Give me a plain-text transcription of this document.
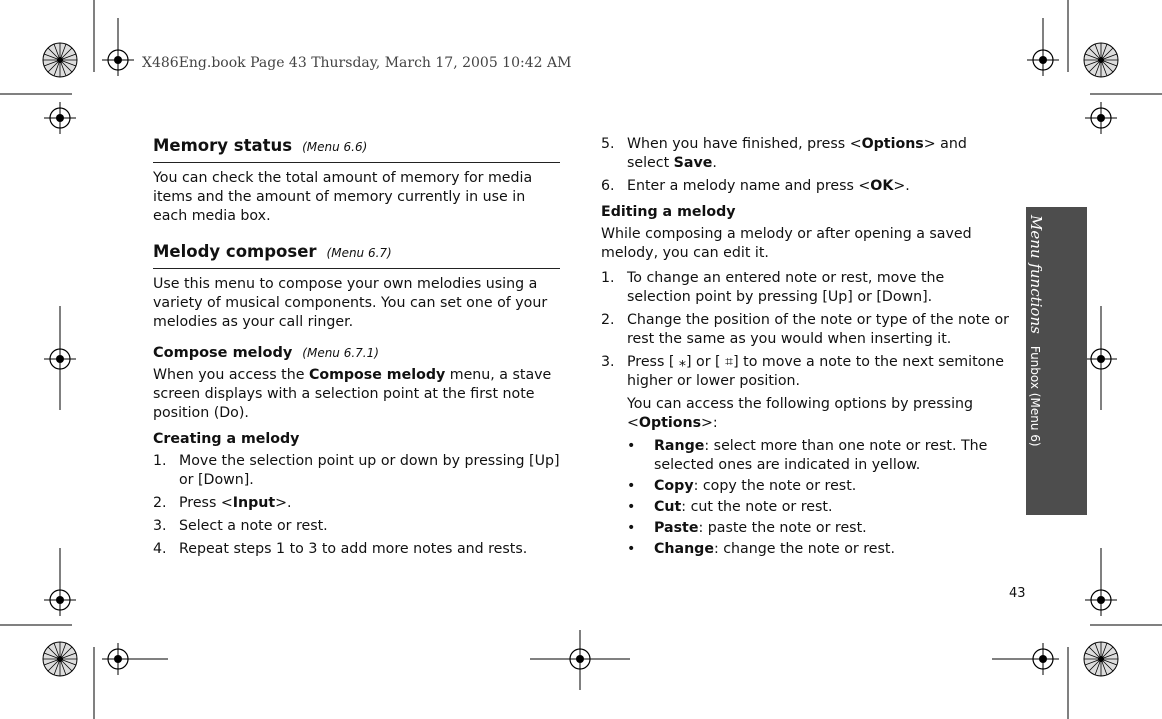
X486Eng.book Page 43 Thursday, March 17, 2005 10:42 AM
Memory status (Menu 6.6)

You can check the total amount of memory for media items and the amount of memory currently in use in each media box.

Melody composer (Menu 6.7)

Use this menu to compose your own melodies using a variety of musical components. You can set one of your melodies as your call ringer.

Compose melody (Menu 6.7.1)

When you access the Compose melody menu, a stave screen displays with a selection point at the first note position (Do).

Creating a melody
1. Move the selection point up or down by pressing [Up] or [Down].
2. Press <Input>.
3. Select a note or rest.
4. Repeat steps 1 to 3 to add more notes and rests.
5. When you have finished, press <Options> and select Save.
6. Enter a melody name and press <OK>.
Editing a melody

While composing a melody or after opening a saved melody, you can edit it.

1. To change an entered note or rest, move the selection point by pressing [Up] or [Down].
2. Change the position of the note or type of the note or rest the same as you would when inserting it.
3. Press [ ⁎] or [ ⌗] to move a note to the next semitone higher or lower position.
You can access the following options by pressing <Options>:
• Range: select more than one note or rest. The selected ones are indicated in yellow.
• Copy: copy the note or rest.
• Cut: cut the note or rest.
• Paste: paste the note or rest.
• Change: change the note or rest.
Menu functionsFunbox (Menu 6)
43
